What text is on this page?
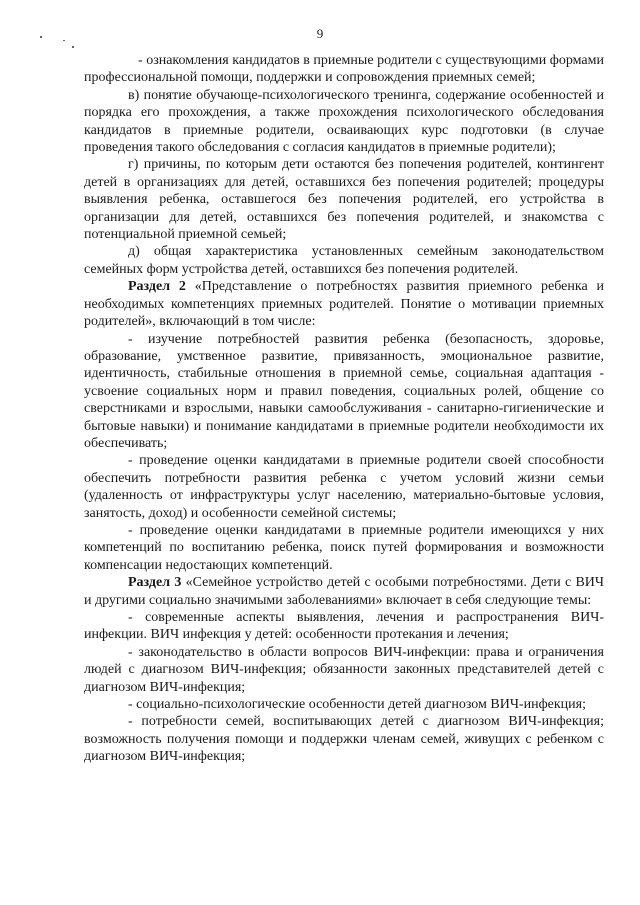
9

- ознакомления кандидатов в приемные родители с существующими формами профессиональной помощи, поддержки и сопровождения приемных семей;

в) понятие обучающе-психологического тренинга, содержание особенностей и порядка его прохождения, а также прохождения психологического обследования кандидатов в приемные родители, осваивающих курс подготовки (в случае проведения такого обследования с согласия кандидатов в приемные родители);

г) причины, по которым дети остаются без попечения родителей, контингент детей в организациях для детей, оставшихся без попечения родителей; процедуры выявления ребенка, оставшегося без попечения родителей, его устройства в организации для детей, оставшихся без попечения родителей, и знакомства с потенциальной приемной семьей;

д) общая характеристика установленных семейным законодательством семейных форм устройства детей, оставшихся без попечения родителей.

Раздел 2 «Представление о потребностях развития приемного ребенка и необходимых компетенциях приемных родителей. Понятие о мотивации приемных родителей», включающий в том числе:

- изучение потребностей развития ребенка (безопасность, здоровье, образование, умственное развитие, привязанность, эмоциональное развитие, идентичность, стабильные отношения в приемной семье, социальная адаптация - усвоение социальных норм и правил поведения, социальных ролей, общение со сверстниками и взрослыми, навыки самообслуживания - санитарно-гигиенические и бытовые навыки) и понимание кандидатами в приемные родители необходимости их обеспечивать;

- проведение оценки кандидатами в приемные родители своей способности обеспечить потребности развития ребенка с учетом условий жизни семьи (удаленность от инфраструктуры услуг населению, материально-бытовые условия, занятость, доход) и особенности семейной системы;

- проведение оценки кандидатами в приемные родители имеющихся у них компетенций по воспитанию ребенка, поиск путей формирования и возможности компенсации недостающих компетенций.

Раздел 3 «Семейное устройство детей с особыми потребностями. Дети с ВИЧ и другими социально значимыми заболеваниями» включает в себя следующие темы:

- современные аспекты выявления, лечения и распространения ВИЧ-инфекции. ВИЧ инфекция у детей: особенности протекания и лечения;

- законодательство в области вопросов ВИЧ-инфекции: права и ограничения людей с диагнозом ВИЧ-инфекция; обязанности законных представителей детей с диагнозом ВИЧ-инфекция;

- социально-психологические особенности детей диагнозом ВИЧ-инфекция;

- потребности семей, воспитывающих детей с диагнозом ВИЧ-инфекция; возможность получения помощи и поддержки членам семей, живущих с ребенком с диагнозом ВИЧ-инфекция;
